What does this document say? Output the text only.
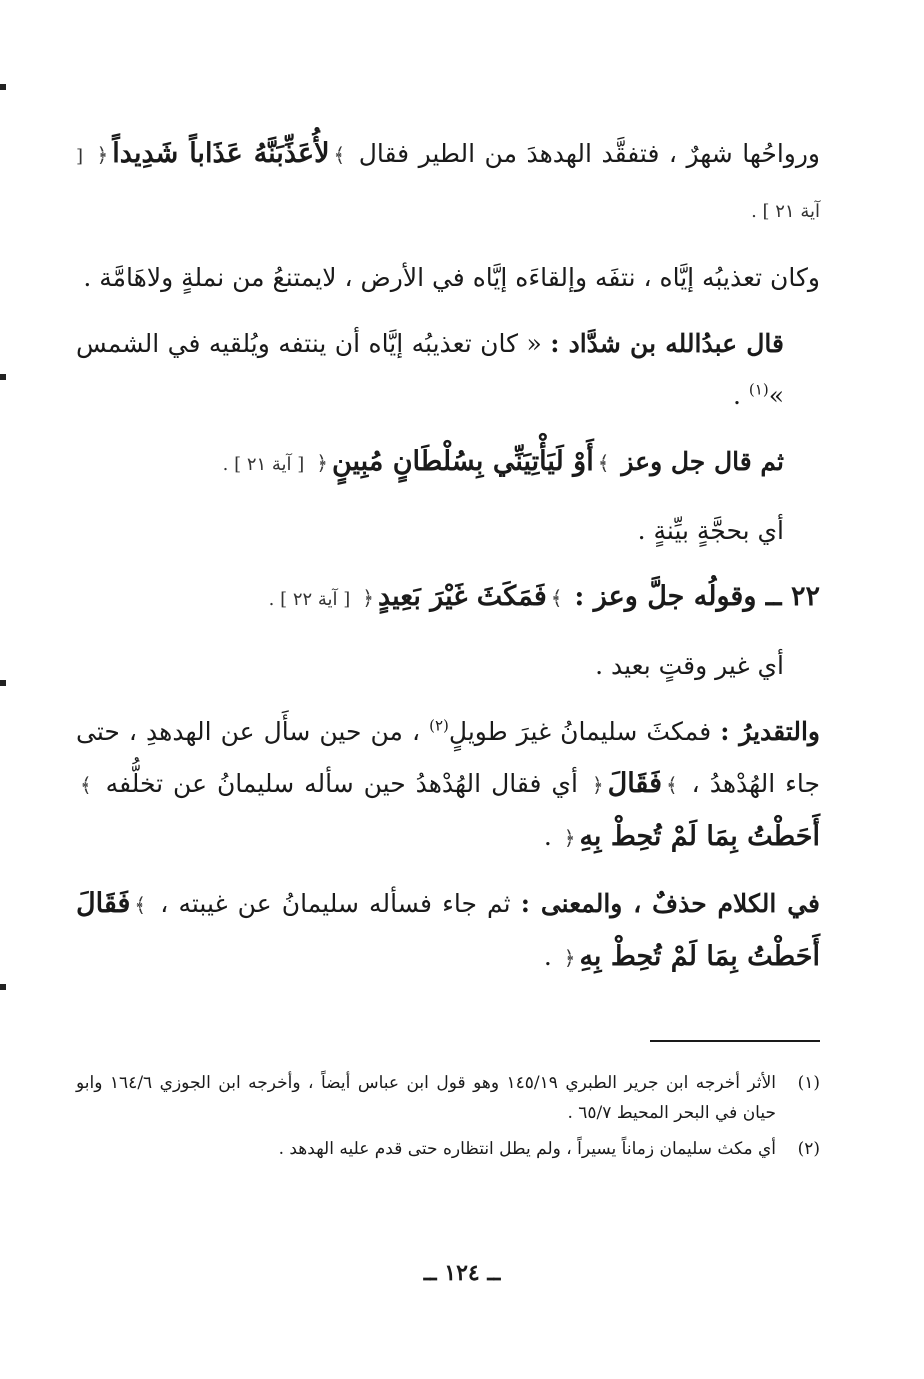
ورواحُها شهرٌ ، فتفقَّد الهدهدَ من الطير فقال ﴾لأُعَذِّبَنَّهُ عَذَاباً شَدِيداً﴿ [ آية ٢١ ] .

وكان تعذيبُه إيَّاه ، نتفَه وإلقاءَه إيَّاه في الأرض ، لايمتنعُ من نملةٍ ولاهَامَّة .

قال عبدُالله بن شدَّاد : « كان تعذيبُه إيَّاه أن ينتفه ويُلقيه في الشمس »$^{(١)}$ .

ثم قال جل وعز ﴾أَوْ لَيَأْتِيَنِّي بِسُلْطَانٍ مُبِينٍ﴿ [ آية ٢١ ] .

أي بحجَّةٍ بيِّنةٍ .

٢٢ ــ وقولُه جلَّ وعز : ﴾فَمَكَثَ غَيْرَ بَعِيدٍ﴿ [ آية ٢٢ ] .

أي غير وقتٍ بعيد .

والتقديرُ : فمكثَ سليمانُ غيرَ طويلٍ$^{(٢)}$ ، من حين سأَل عن الهدهدِ ، حتى جاء الهُدْهدُ ، ﴾فَقَالَ﴿ أي فقال الهُدْهدُ حين سأله سليمانُ عن تخلُّفه ﴾أَحَطْتُ بِمَا لَمْ تُحِطْ بِهِ﴿ .

في الكلام حذفٌ ، والمعنى : ثم جاء فسأله سليمانُ عن غيبته ، ﴾فَقَالَ أَحَطْتُ بِمَا لَمْ تُحِطْ بِهِ﴿ .

(١)
الأثر أخرجه ابن جرير الطبري ١٤٥/١٩ وهو قول ابن عباس أيضاً ، وأخرجه ابن الجوزي ١٦٤/٦ وابو حيان في البحر المحيط ٦٥/٧ .
(٢)
أي مكث سليمان زماناً يسيراً ، ولم يطل انتظاره حتى قدم عليه الهدهد .
ــ ١٢٤ ــ
